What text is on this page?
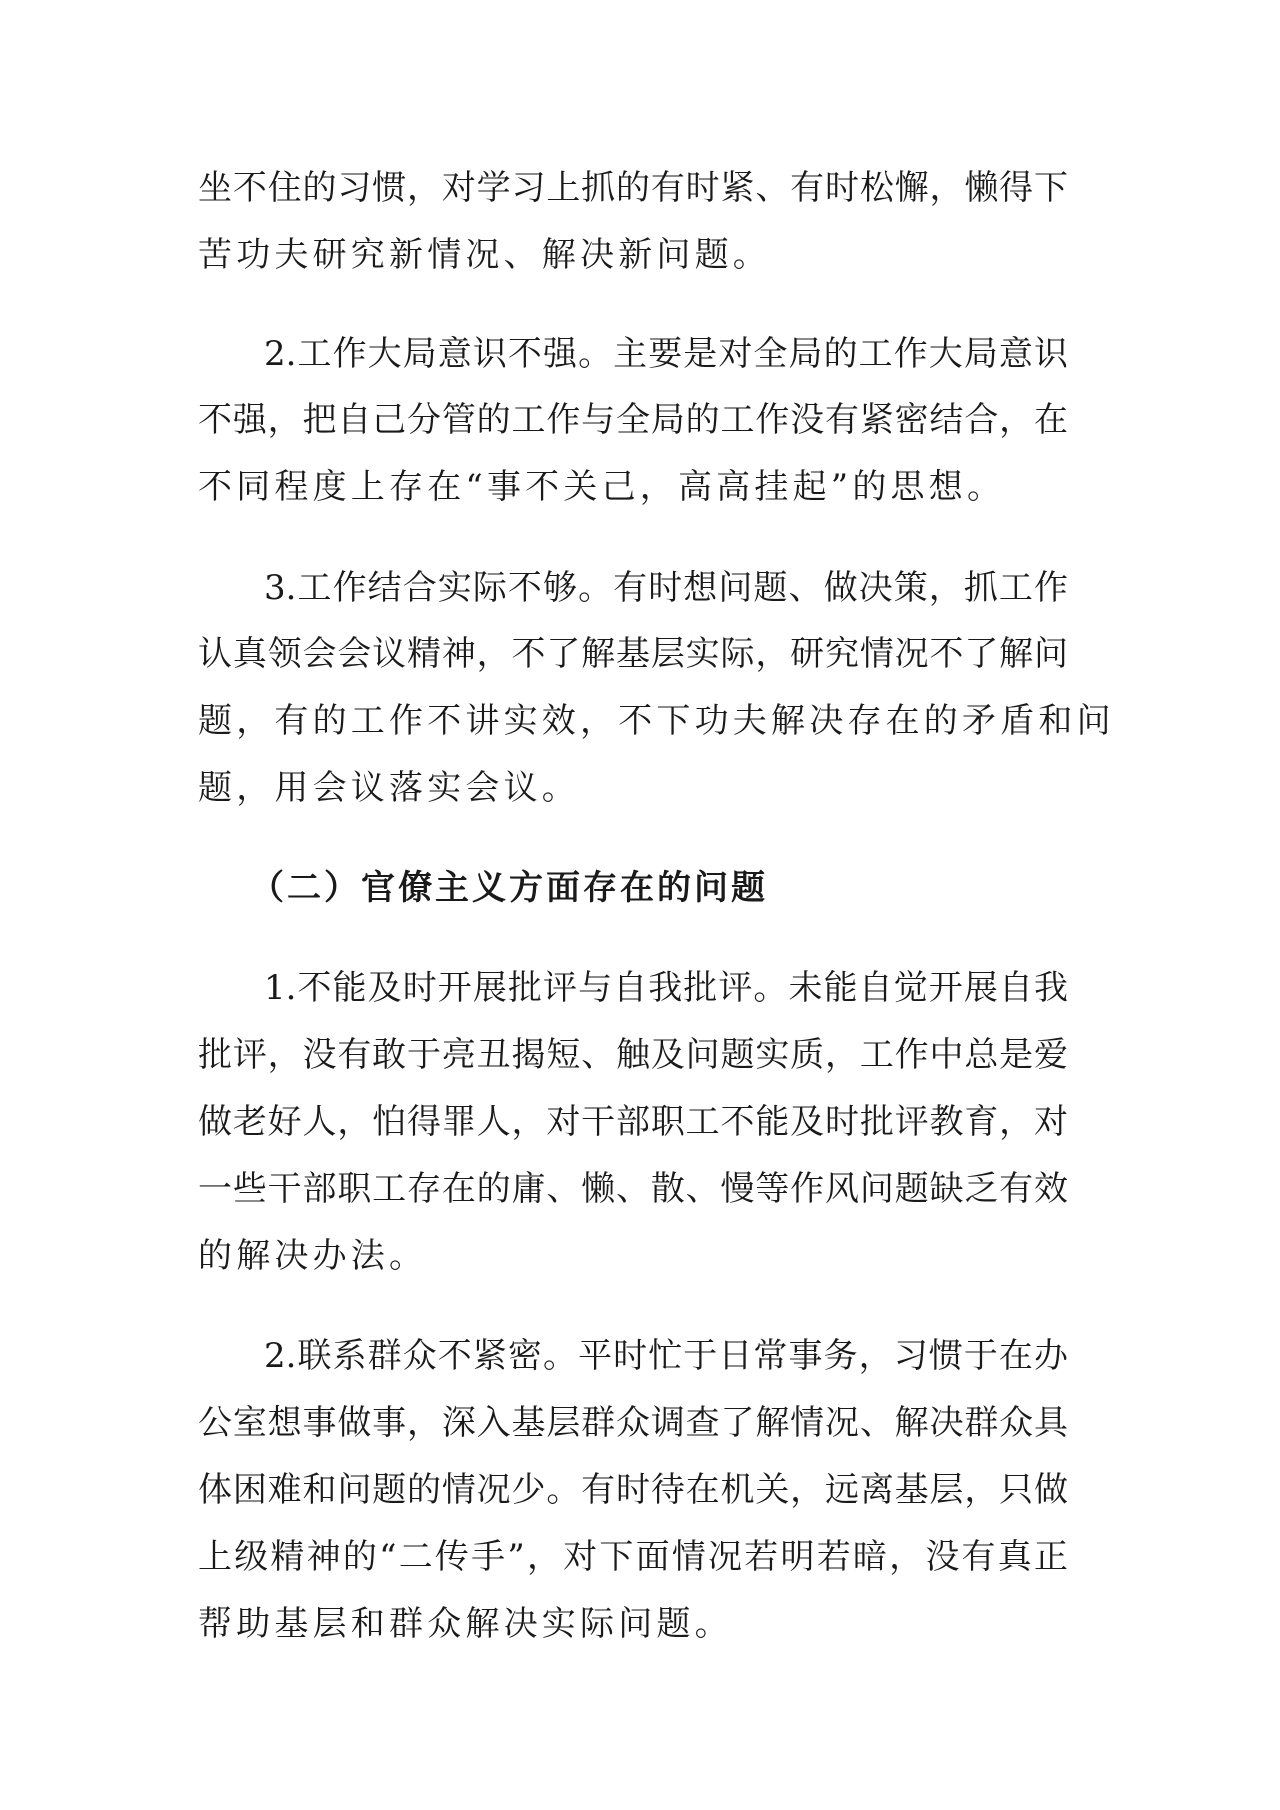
坐不住的习惯，对学习上抓的有时紧、有时松懈，懒得下
苦功夫研究新情况、解决新问题。
2.工作大局意识不强。主要是对全局的工作大局意识
不强，把自己分管的工作与全局的工作没有紧密结合，在
不同程度上存在“事不关己，高高挂起”的思想。
3.工作结合实际不够。有时想问题、做决策，抓工作
认真领会会议精神，不了解基层实际，研究情况不了解问
题，有的工作不讲实效，不下功夫解决存在的矛盾和问
题，用会议落实会议。
（二）官僚主义方面存在的问题
1.不能及时开展批评与自我批评。未能自觉开展自我
批评，没有敢于亮丑揭短、触及问题实质，工作中总是爱
做老好人，怕得罪人，对干部职工不能及时批评教育，对
一些干部职工存在的庸、懒、散、慢等作风问题缺乏有效
的解决办法。
2.联系群众不紧密。平时忙于日常事务，习惯于在办
公室想事做事，深入基层群众调查了解情况、解决群众具
体困难和问题的情况少。有时待在机关，远离基层，只做
上级精神的“二传手”，对下面情况若明若暗，没有真正
帮助基层和群众解决实际问题。
